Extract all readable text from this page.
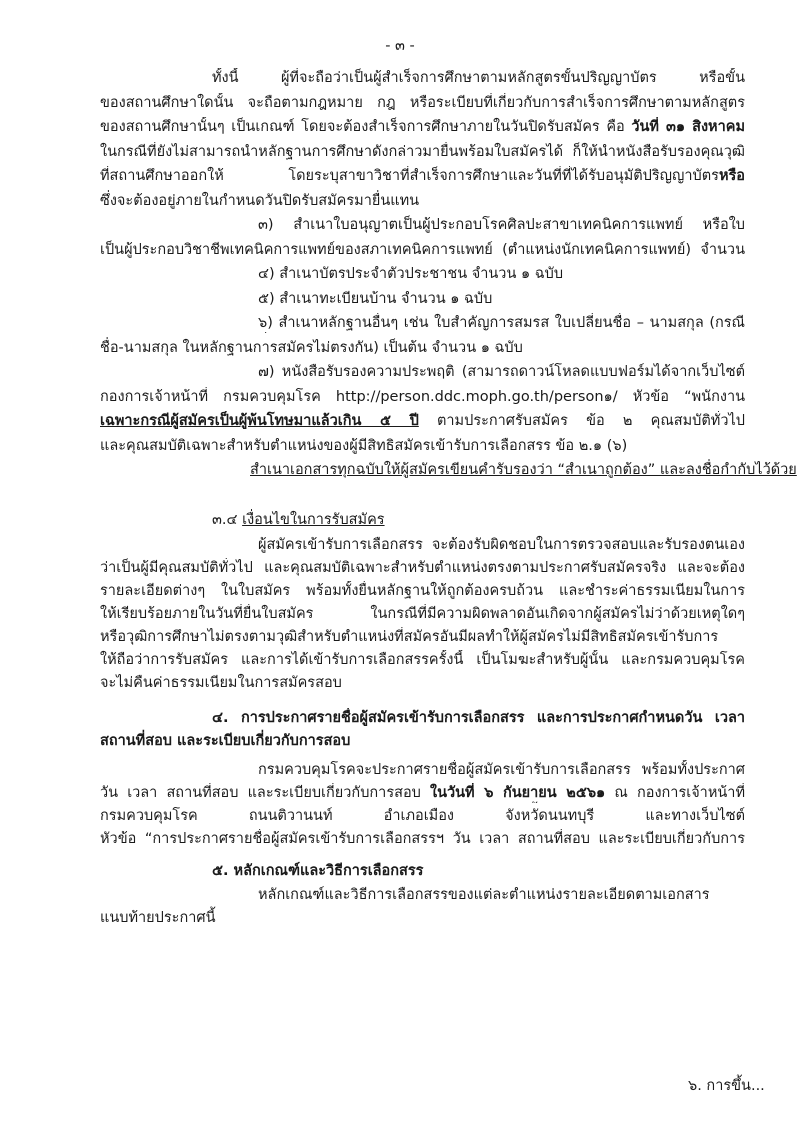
- ๓ -
ทั้งนี้ ผู้ที่จะถือว่าเป็นผู้สำเร็จการศึกษาตามหลักสูตรขั้นปริญญาบัตร หรือขั้น
ของสถานศึกษาใดนั้น จะถือตามกฎหมาย กฎ หรือระเบียบที่เกี่ยวกับการสำเร็จการศึกษาตามหลักสูตร
ของสถานศึกษานั้นๆ เป็นเกณฑ์ โดยจะต้องสำเร็จการศึกษาภายในวันปิดรับสมัคร คือ วันที่ ๓๑ สิงหาคม
ในกรณีที่ยังไม่สามารถนำหลักฐานการศึกษาดังกล่าวมายื่นพร้อมใบสมัครได้ ก็ให้นำหนังสือรับรองคุณวุฒิ
ที่สถานศึกษาออกให้ โดยระบุสาขาวิชาที่สำเร็จการศึกษาและวันที่ที่ได้รับอนุมัติปริญญาบัตรหรือ
ซึ่งจะต้องอยู่ภายในกำหนดวันปิดรับสมัครมายื่นแทน
๓) สำเนาใบอนุญาตเป็นผู้ประกอบโรคศิลปะสาขาเทคนิคการแพทย์ หรือใบ
เป็นผู้ประกอบวิชาชีพเทคนิคการแพทย์ของสภาเทคนิคการแพทย์ (ตำแหน่งนักเทคนิคการแพทย์) จำนวน
๔) สำเนาบัตรประจำตัวประชาชน จำนวน ๑ ฉบับ
๕) สำเนาทะเบียนบ้าน จำนวน ๑ ฉบับ
๖) สำเนาหลักฐานอื่นๆ เช่น ใบสำคัญการสมรส ใบเปลี่ยนชื่อ – นามสกุล (กรณี
ชื่อ-นามสกุล ในหลักฐานการสมัครไม่ตรงกัน) เป็นต้น จำนวน ๑ ฉบับ
๗) หนังสือรับรองความประพฤติ (สามารถดาวน์โหลดแบบฟอร์มได้จากเว็บไซต์
กองการเจ้าหน้าที่ กรมควบคุมโรค http://person.ddc.moph.go.th/person๑/ หัวข้อ “พนักงาน
เฉพาะกรณีผู้สมัครเป็นผู้พ้นโทษมาแล้วเกิน ๕ ปี ตามประกาศรับสมัคร ข้อ ๒ คุณสมบัติทั่วไป
และคุณสมบัติเฉพาะสำหรับตำแหน่งของผู้มีสิทธิสมัครเข้ารับการเลือกสรร ข้อ ๒.๑ (๖)
สำเนาเอกสารทุกฉบับให้ผู้สมัครเขียนคำรับรองว่า “สำเนาถูกต้อง” และลงชื่อกำกับไว้ด้วย
๓.๔ เงื่อนไขในการรับสมัคร
ผู้สมัครเข้ารับการเลือกสรร จะต้องรับผิดชอบในการตรวจสอบและรับรองตนเอง
ว่าเป็นผู้มีคุณสมบัติทั่วไป และคุณสมบัติเฉพาะสำหรับตำแหน่งตรงตามประกาศรับสมัครจริง และจะต้อง
รายละเอียดต่างๆ ในใบสมัคร พร้อมทั้งยื่นหลักฐานให้ถูกต้องครบถ้วน และชำระค่าธรรมเนียมในการ
ให้เรียบร้อยภายในวันที่ยื่นใบสมัคร ในกรณีที่มีความผิดพลาดอันเกิดจากผู้สมัครไม่ว่าด้วยเหตุใดๆ
หรือวุฒิการศึกษาไม่ตรงตามวุฒิสำหรับตำแหน่งที่สมัครอันมีผลทำให้ผู้สมัครไม่มีสิทธิสมัครเข้ารับการ
ให้ถือว่าการรับสมัคร และการได้เข้ารับการเลือกสรรครั้งนี้ เป็นโมฆะสำหรับผู้นั้น และกรมควบคุมโรค
จะไม่คืนค่าธรรมเนียมในการสมัครสอบ
๔. การประกาศรายชื่อผู้สมัครเข้ารับการเลือกสรร และการประกาศกำหนดวัน เวลา
สถานที่สอบ และระเบียบเกี่ยวกับการสอบ
กรมควบคุมโรคจะประกาศรายชื่อผู้สมัครเข้ารับการเลือกสรร พร้อมทั้งประกาศ
วัน เวลา สถานที่สอบ และระเบียบเกี่ยวกับการสอบ ในวันที่ ๖ กันยายน ๒๕๖๑ ณ กองการเจ้าหน้าที่
กรมควบคุมโรค ถนนติวานนท์ อำเภอเมือง จังหวัดนนทบุรี และทางเว็บไซต์
หัวข้อ “การประกาศรายชื่อผู้สมัครเข้ารับการเลือกสรรฯ วัน เวลา สถานที่สอบ และระเบียบเกี่ยวกับการ
๕. หลักเกณฑ์และวิธีการเลือกสรร
หลักเกณฑ์และวิธีการเลือกสรรของแต่ละตำแหน่งรายละเอียดตามเอกสาร
แนบท้ายประกาศนี้
๖. การขึ้น...
